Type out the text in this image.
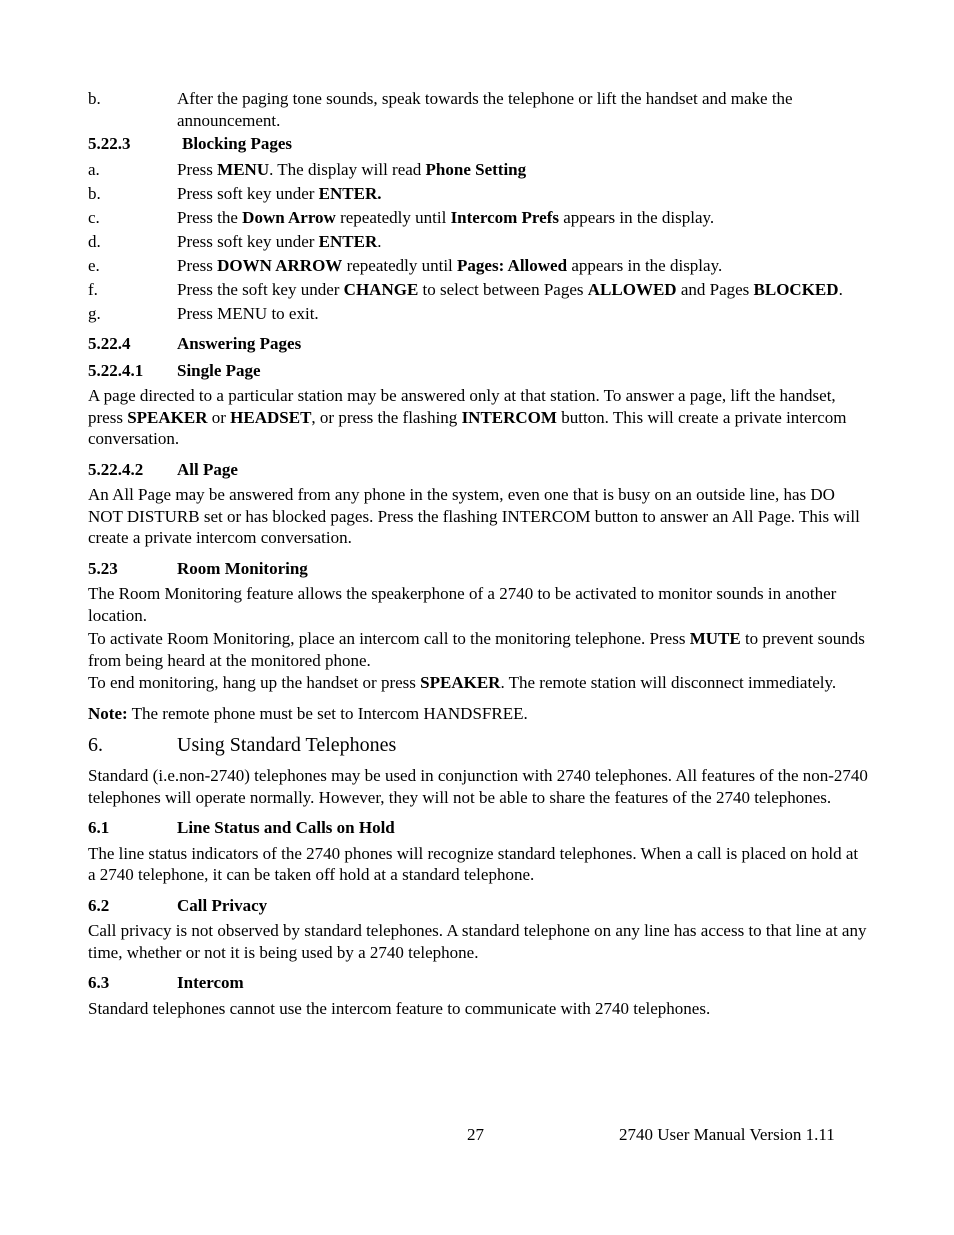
b.	After the paging tone sounds, speak towards the telephone or lift the handset and make the announcement.
5.22.3	Blocking Pages
a.	Press MENU. The display will read Phone Setting
b.	Press soft key under ENTER.
c.	Press the Down Arrow repeatedly until Intercom Prefs appears in the display.
d.	Press soft key under ENTER.
e.	Press DOWN ARROW repeatedly until Pages: Allowed appears in the display.
f.	Press the soft key under CHANGE to select between Pages ALLOWED and Pages BLOCKED.
g.	Press MENU to exit.
5.22.4	Answering Pages
5.22.4.1	Single Page

A page directed to a particular station may be answered only at that station. To answer a page, lift the handset, press SPEAKER or HEADSET, or press the flashing INTERCOM button. This will create a private intercom conversation.

5.22.4.2	All Page

An All Page may be answered from any phone in the system, even one that is busy on an outside line, has DO NOT DISTURB set or has blocked pages. Press the flashing INTERCOM button to answer an All Page. This will create a private intercom conversation.

5.23	Room Monitoring

The Room Monitoring feature allows the speakerphone of a 2740 to be activated to monitor sounds in another location.

To activate Room Monitoring, place an intercom call to the monitoring telephone. Press MUTE to prevent sounds from being heard at the monitored phone.

To end monitoring, hang up the handset or press SPEAKER. The remote station will disconnect immediately.

Note: The remote phone must be set to Intercom HANDSFREE.

6.	Using Standard Telephones

Standard (i.e.non-2740) telephones may be used in conjunction with 2740 telephones. All features of the non-2740 telephones will operate normally. However, they will not be able to share the features of the 2740 telephones.

6.1	Line Status and Calls on Hold

The line status indicators of the 2740 phones will recognize standard telephones. When a call is placed on hold at a 2740 telephone, it can be taken off hold at a standard telephone.

6.2	Call Privacy

Call privacy is not observed by standard telephones. A standard telephone on any line has access to that line at any time, whether or not it is being used by a 2740 telephone.

6.3	Intercom

Standard telephones cannot use the intercom feature to communicate with 2740 telephones.

27	2740 User Manual Version 1.11
